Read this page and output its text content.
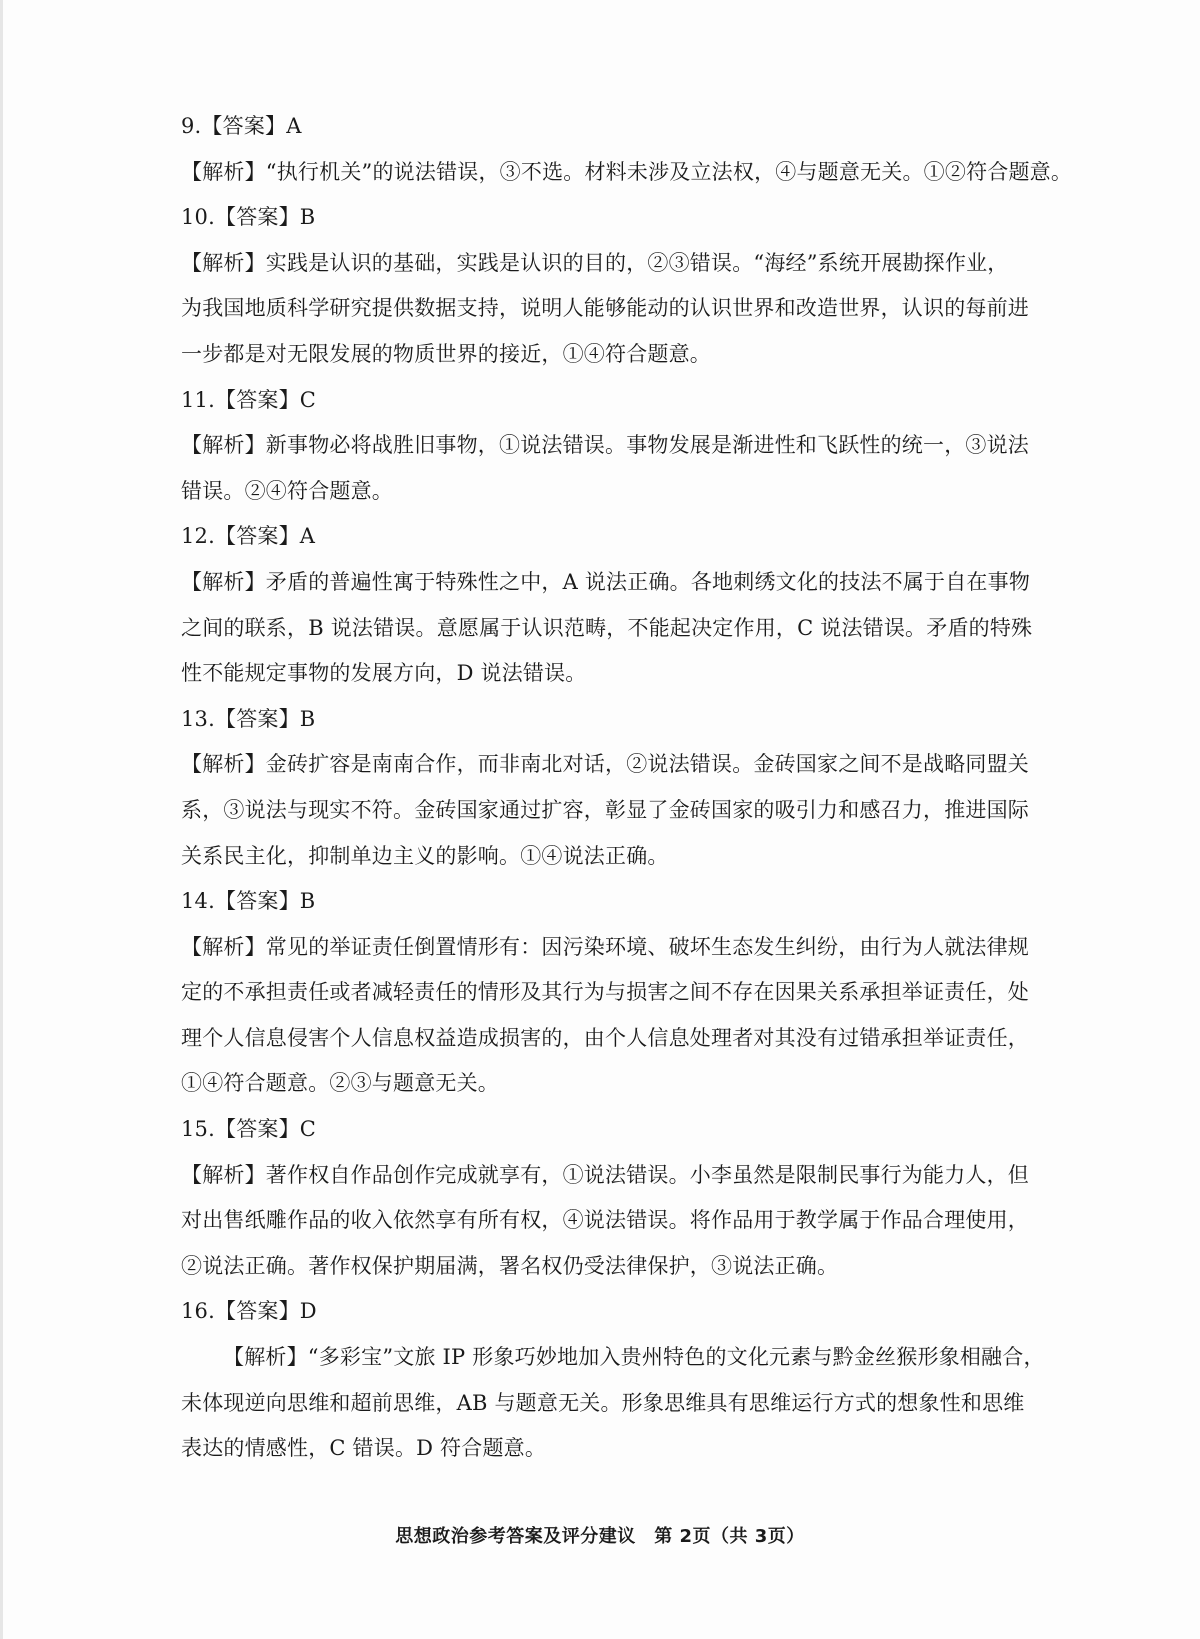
9.【答案】A
【解析】“执行机关”的说法错误，③不选。材料未涉及立法权，④与题意无关。①②符合题意。
10.【答案】B
【解析】实践是认识的基础，实践是认识的目的，②③错误。“海经”系统开展勘探作业，
为我国地质科学研究提供数据支持，说明人能够能动的认识世界和改造世界，认识的每前进
一步都是对无限发展的物质世界的接近，①④符合题意。
11.【答案】C
【解析】新事物必将战胜旧事物，①说法错误。事物发展是渐进性和飞跃性的统一，③说法
错误。②④符合题意。
12.【答案】A
【解析】矛盾的普遍性寓于特殊性之中，A 说法正确。各地刺绣文化的技法不属于自在事物
之间的联系，B 说法错误。意愿属于认识范畴，不能起决定作用，C 说法错误。矛盾的特殊
性不能规定事物的发展方向，D 说法错误。
13.【答案】B
【解析】金砖扩容是南南合作，而非南北对话，②说法错误。金砖国家之间不是战略同盟关
系，③说法与现实不符。金砖国家通过扩容，彰显了金砖国家的吸引力和感召力，推进国际
关系民主化，抑制单边主义的影响。①④说法正确。
14.【答案】B
【解析】常见的举证责任倒置情形有：因污染环境、破坏生态发生纠纷，由行为人就法律规
定的不承担责任或者减轻责任的情形及其行为与损害之间不存在因果关系承担举证责任，处
理个人信息侵害个人信息权益造成损害的，由个人信息处理者对其没有过错承担举证责任，
①④符合题意。②③与题意无关。
15.【答案】C
【解析】著作权自作品创作完成就享有，①说法错误。小李虽然是限制民事行为能力人，但
对出售纸雕作品的收入依然享有所有权，④说法错误。将作品用于教学属于作品合理使用，
②说法正确。著作权保护期届满，署名权仍受法律保护，③说法正确。
16.【答案】D
【解析】“多彩宝”文旅 IP 形象巧妙地加入贵州特色的文化元素与黔金丝猴形象相融合，
未体现逆向思维和超前思维，AB 与题意无关。形象思维具有思维运行方式的想象性和思维
表达的情感性，C 错误。D 符合题意。
思想政治参考答案及评分建议　第 2页（共 3页）
